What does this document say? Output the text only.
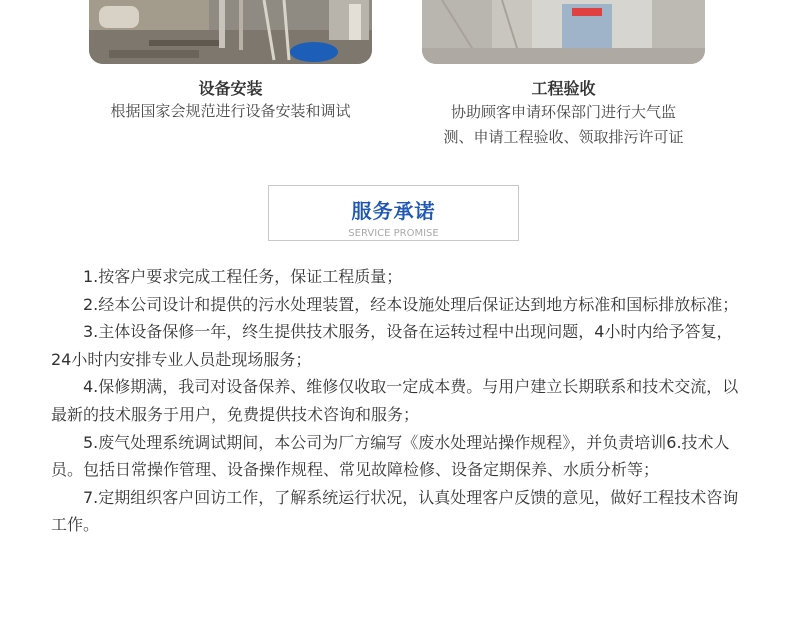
设备安装	工程验收
根据国家会规范进行设备安装和调试	协助顾客申请环保部门进行大气监
测、申请工程验收、领取排污许可证
服务承诺
SERVICE PROMISE
1.按客户要求完成工程任务，保证工程质量；
2.经本公司设计和提供的污水处理装置，经本设施处理后保证达到地方标准和国标排放标准；
3.主体设备保修一年，终生提供技术服务，设备在运转过程中出现问题，4小时内给予答复，24小时内安排专业人员赴现场服务；
4.保修期满，我司对设备保养、维修仅收取一定成本费。与用户建立长期联系和技术交流，以最新的技术服务于用户，免费提供技术咨询和服务；
5.废气处理系统调试期间，本公司为厂方编写《废水处理站操作规程》，并负责培训6.技术人员。包括日常操作管理、设备操作规程、常见故障检修、设备定期保养、水质分析等；
7.定期组织客户回访工作，了解系统运行状况，认真处理客户反馈的意见，做好工程技术咨询工作。
